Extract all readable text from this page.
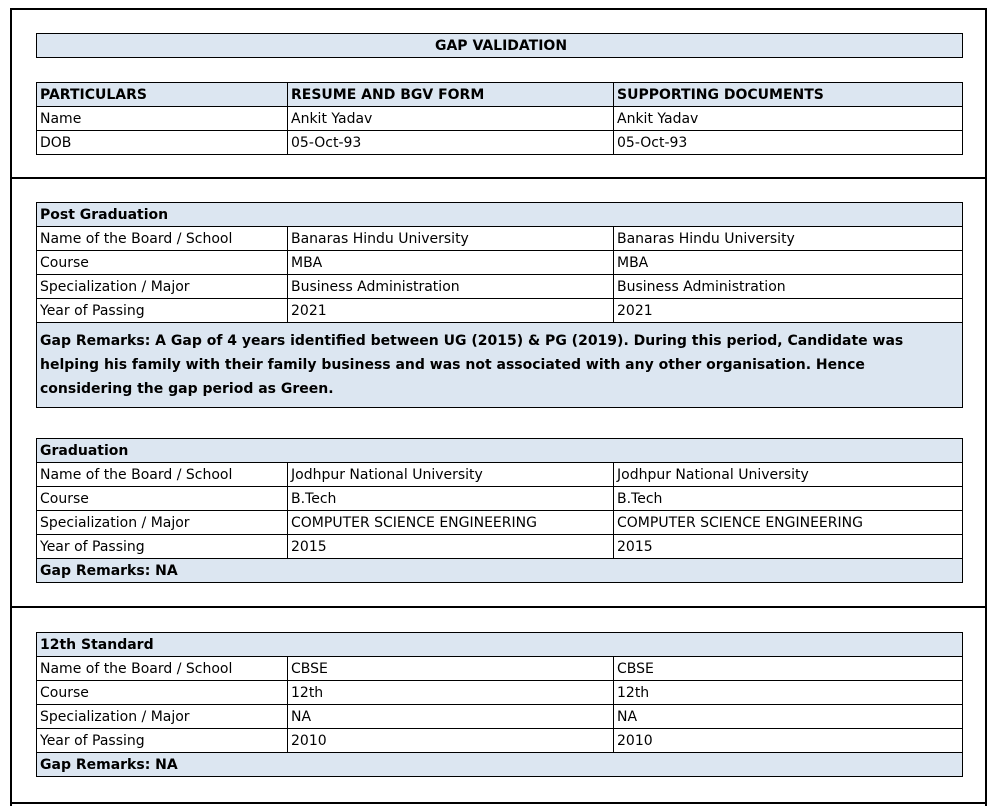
GAP VALIDATION
PARTICULARS	RESUME AND BGV FORM	SUPPORTING DOCUMENTS
Name	Ankit Yadav	Ankit Yadav
DOB	05-Oct-93	05-Oct-93
Post Graduation		
Name of the Board / School	Banaras Hindu University	Banaras Hindu University
Course	MBA	MBA
Specialization / Major	Business Administration	Business Administration
Year of Passing	2021	2021
Gap Remarks: A Gap of 4 years identified between UG (2015) & PG (2019). During this period, Candidate was helping his family with their family business and was not associated with any other organisation. Hence considering the gap period as Green.		
Graduation		
Name of the Board / School	Jodhpur National University	Jodhpur National University
Course	B.Tech	B.Tech
Specialization / Major	COMPUTER SCIENCE ENGINEERING	COMPUTER SCIENCE ENGINEERING
Year of Passing	2015	2015
Gap Remarks: NA		
12th Standard		
Name of the Board / School	CBSE	CBSE
Course	12th	12th
Specialization / Major	NA	NA
Year of Passing	2010	2010
Gap Remarks: NA		
